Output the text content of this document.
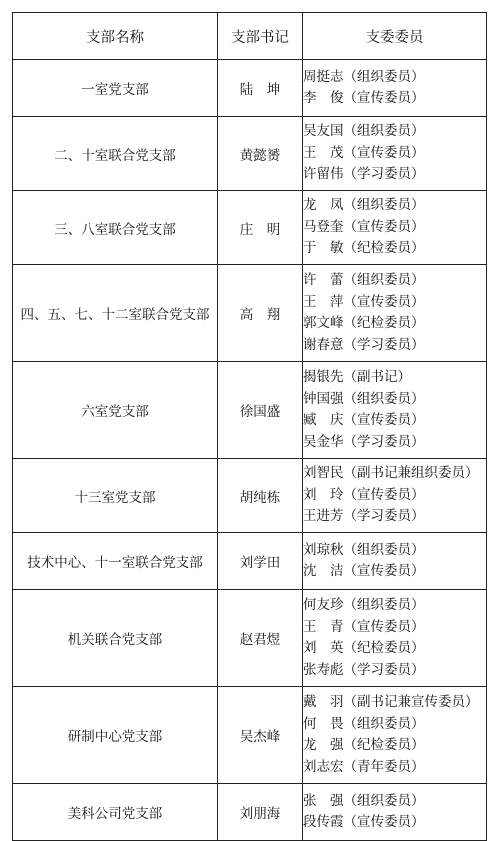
支部名称	支部书记	支委委员
一室党支部	陆　坤	周挺志（组织委员）
李　俊（宣传委员）

二、十室联合党支部	黄懿赟	吴友国（组织委员）
王　茂（宣传委员）
许留伟（学习委员）

三、八室联合党支部	庄　明	龙　凤（组织委员）
马登奎（宣传委员）
于　敏（纪检委员）

四、五、七、十二室联合党支部	高　翔	许　蕾（组织委员）
王　萍（宣传委员）
郭文峰（纪检委员）
谢春意（学习委员）

六室党支部	徐国盛	揭银先（副书记）
钟国强（组织委员）
臧　庆（宣传委员）
吴金华（学习委员）

十三室党支部	胡纯栋	刘智民（副书记兼组织委员）
刘　玲（宣传委员）
王进芳（学习委员）

技术中心、十一室联合党支部	刘学田	刘琼秋（组织委员）
沈　洁（宣传委员）

机关联合党支部	赵君煜	何友珍（组织委员）
王　青（宣传委员）
刘　英（纪检委员）
张寿彪（学习委员）

研制中心党支部	吴杰峰	戴　羽（副书记兼宣传委员）
何　畏（组织委员）
龙　强（纪检委员）
刘志宏（青年委员）

美科公司党支部	刘朋海	张　强（组织委员）
段传霞（宣传委员）
